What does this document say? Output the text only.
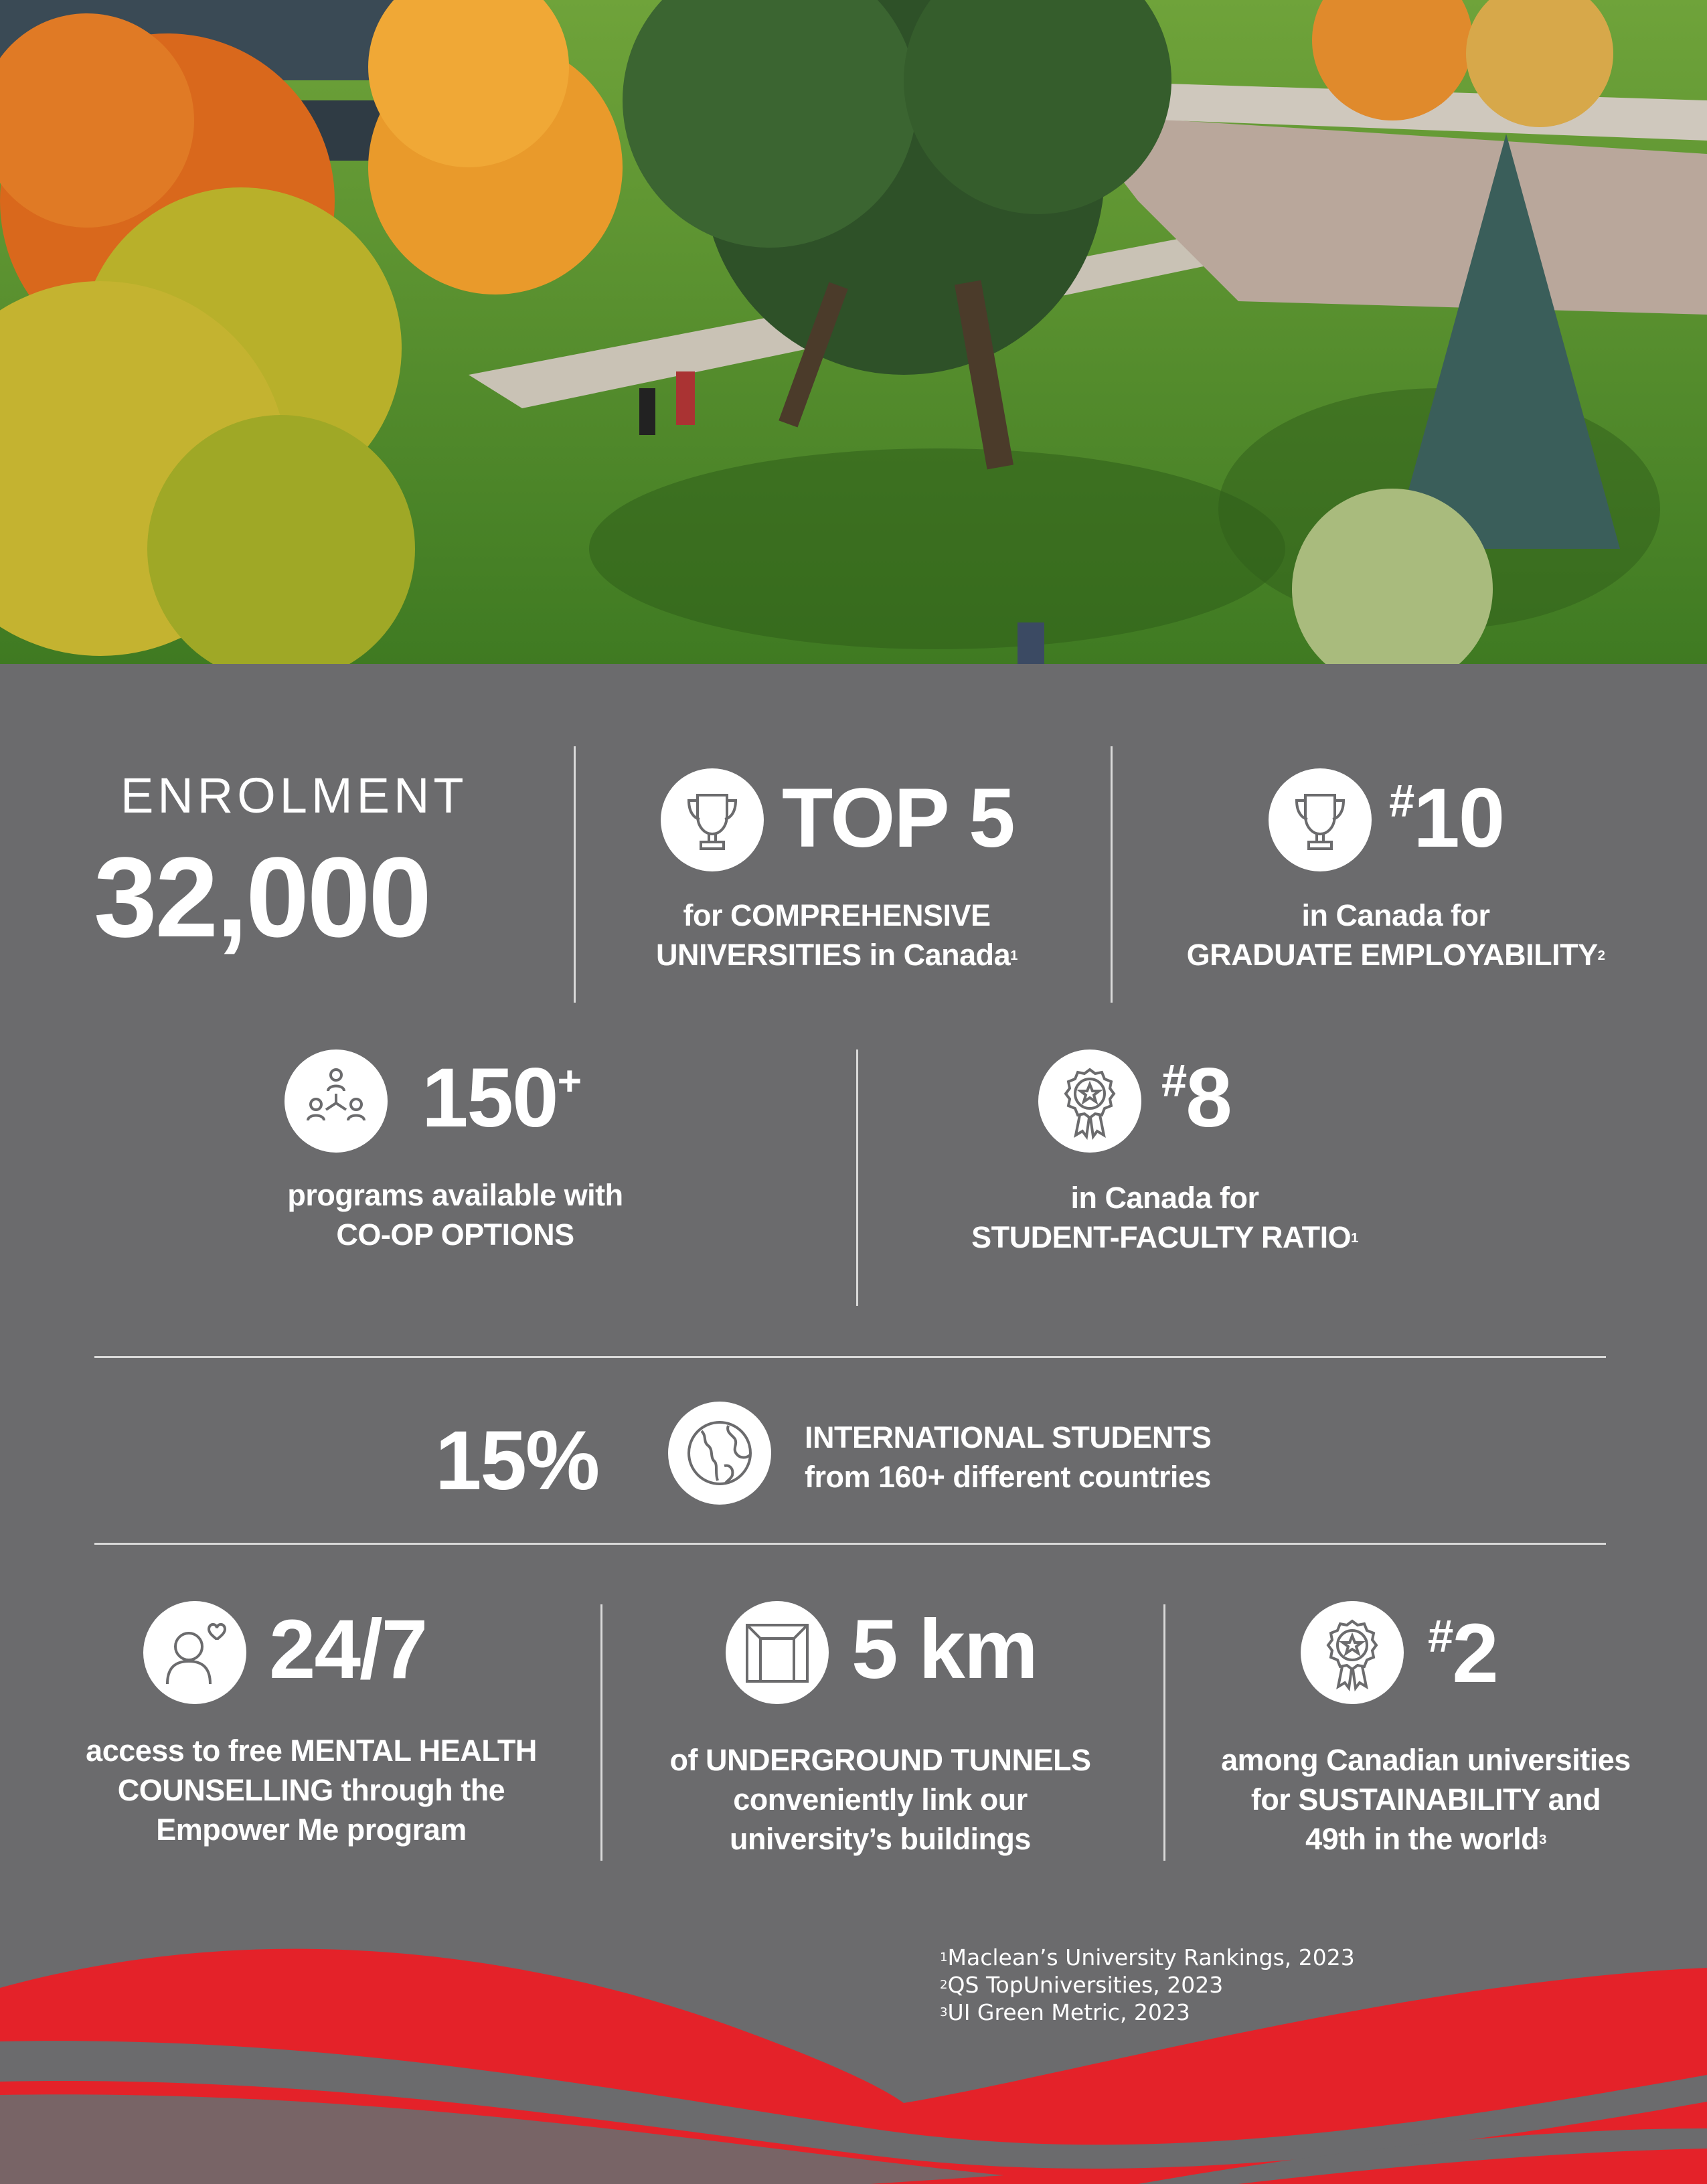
ENROLMENT
32,000
TOP 5
for COMPREHENSIVE
UNIVERSITIES in Canada$^1$
#10
in Canada for
GRADUATE EMPLOYABILITY$^2$
150+
programs available with
CO-OP OPTIONS
#8
in Canada for
STUDENT-FACULTY RATIO$^1$
15%	INTERNATIONAL STUDENTS
from 160+ different countries
24/7
access to free MENTAL HEALTH
COUNSELLING through the
Empower Me program
5 km
of UNDERGROUND TUNNELS
conveniently link our
university’s buildings
#2
among Canadian universities
for SUSTAINABILITY and
49th in the world$^3$
$^1$Maclean’s University Rankings, 2023
$^2$QS TopUniversities, 2023
$^3$UI Green Metric, 2023
